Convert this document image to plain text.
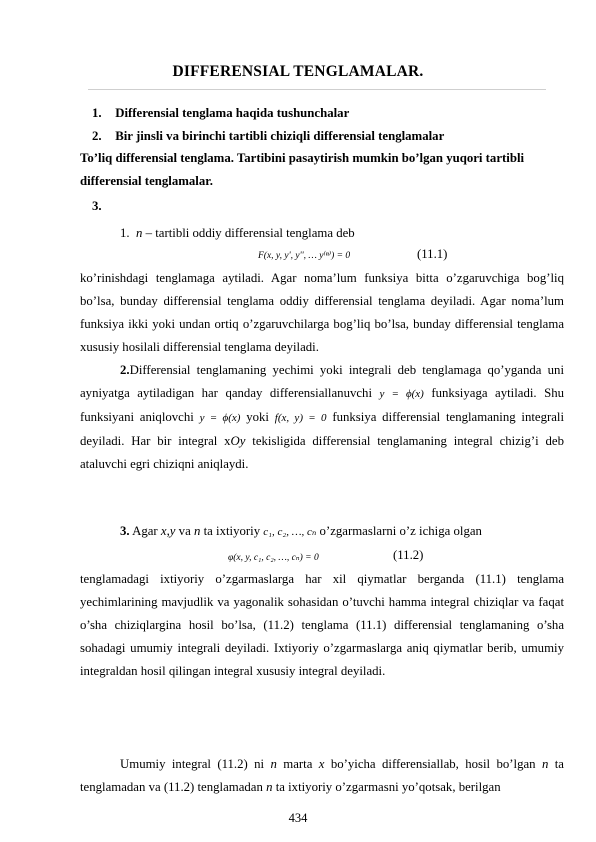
DIFFERENSIAL TENGLAMALAR.
1. Differensial tenglama haqida tushunchalar
2. Bir jinsli va birinchi tartibli chiziqli differensial tenglamalar
To’liq differensial tenglama. Tartibini pasaytirish mumkin bo’lgan yuqori tartibli differensial tenglamalar.
3.
1. n – tartibli oddiy differensial tenglama deb
F(x, y, y', y'', … y⁽ⁿ⁾) = 0	(11.1)
ko’rinishdagi tenglamaga aytiladi. Agar noma’lum funksiya bitta o’zgaruvchiga bog’liq bo’lsa, bunday differensial tenglama oddiy differensial tenglama deyiladi. Agar noma’lum funksiya ikki yoki undan ortiq o’zgaruvchilarga bog’liq bo’lsa, bunday differensial tenglama xususiy hosilali differensial tenglama deyiladi.
2.Differensial tenglamaning yechimi yoki integrali deb tenglamaga qo’yganda uni ayniyatga aytiladigan har qanday differensiallanuvchi y = ϕ(x) funksiyaga aytiladi. Shu funksiyani aniqlovchi y = ϕ(x) yoki f(x, y) = 0 funksiya differensial tenglamaning integrali deyiladi. Har bir integral xOy tekisligida differensial tenglamaning integral chizig’i deb ataluvchi egri chiziqni aniqlaydi.
3. Agar x,y va n ta ixtiyoriy c₁, c₂, …, cₙ o’zgarmaslarni o’z ichiga olgan
φ(x, y, c₁, c₂, …, cₙ) = 0	(11.2)
tenglamadagi ixtiyoriy o’zgarmaslarga har xil qiymatlar berganda (11.1) tenglama yechimlarining mavjudlik va yagonalik sohasidan o’tuvchi hamma integral chiziqlar va faqat o’sha chiziqlargina hosil bo’lsa, (11.2) tenglama (11.1) differensial tenglamaning o’sha sohadagi umumiy integrali deyiladi. Ixtiyoriy o’zgarmaslarga aniq qiymatlar berib, umumiy integraldan hosil qilingan integral xususiy integral deyiladi.
Umumiy integral (11.2) ni n marta x bo’yicha differensiallab, hosil bo’lgan n ta tenglamadan va (11.2) tenglamadan n ta ixtiyoriy o’zgarmasni yo’qotsak, berilgan
434
